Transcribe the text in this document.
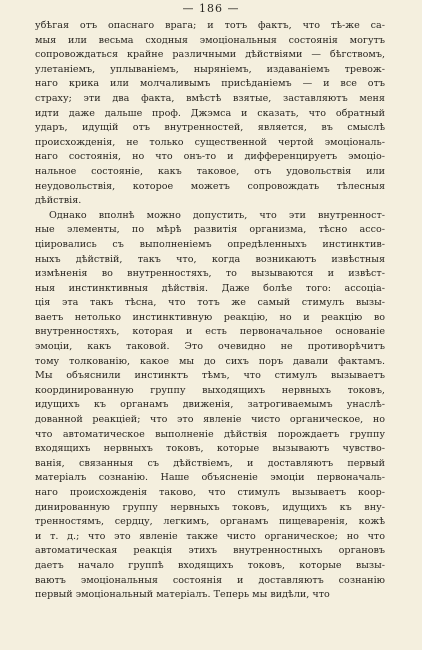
— 186 —
убѣгая отъ опаснаго врага; и тотъ фактъ, что тѣ-же са-
мыя или весьма сходныя эмоціональныя состоянія могутъ
сопровождаться крайне различными дѣйствіями — бѣгствомъ,
улетаніемъ, уплываніемъ, ныряніемъ, издаваніемъ тревож-
наго крика или молчаливымъ присѣданіемъ — и все отъ
страху; эти два факта, вмѣстѣ взятые, заставляютъ меня
идти даже дальше проф. Джэмса и сказать, что обратный
ударъ, идущій отъ внутренностей, является, въ смыслѣ
происхожденія, не только существенной чертой эмоціональ-
наго состоянія, но что онъ-то и дифференцируетъ эмоціо-
нальное состояніе, какъ таковое, отъ удовольствія или
неудовольствія, которое можетъ сопровождать тѣлесныя
дѣйствія.
Однако вполнѣ можно допустить, что эти внутренност-
ные элементы, по мѣрѣ развитія организма, тѣсно ассо-
ціировались съ выполненіемъ опредѣленныхъ инстинктив-
ныхъ дѣйствій, такъ что, когда возникаютъ извѣстныя
измѣненія во внутренностяхъ, то вызываются и извѣст-
ныя инстинктивныя дѣйствія. Даже болѣе того: ассоціа-
ція эта такъ тѣсна, что тотъ же самый стимулъ вызы-
ваетъ нетолько инстинктивную реакцію, но и реакцію во
внутренностяхъ, которая и есть первоначальное основаніе
эмоціи, какъ таковой. Это очевидно не противорѣчитъ
тому толкованію, какое мы до сихъ поръ давали фактамъ.
Мы объяснили инстинктъ тѣмъ, что стимулъ вызываетъ
координированную группу выходящихъ нервныхъ токовъ,
идущихъ къ органамъ движенія, затрогиваемымъ унаслѣ-
дованной реакціей; что это явленіе чисто органическое, но
что автоматическое выполненіе дѣйствія порождаетъ группу
входящихъ нервныхъ токовъ, которые вызываютъ чувство-
ванія, связанныя съ дѣйствіемъ, и доставляютъ первый
матеріалъ сознанію. Наше объясненіе эмоціи первоначаль-
наго происхожденія таково, что стимулъ вызываетъ коор-
динированную группу нервныхъ токовъ, идущихъ къ вну-
тренностямъ, сердцу, легкимъ, органамъ пищеваренія, кожѣ
и т. д.; что это явленіе также чисто органическое; но что
автоматическая реакція этихъ внутренностныхъ органовъ
даетъ начало группѣ входящихъ токовъ, которые вызы-
ваютъ эмоціональныя состоянія и доставляютъ сознанію
первый эмоціональный матеріалъ. Теперь мы видѣли, что
